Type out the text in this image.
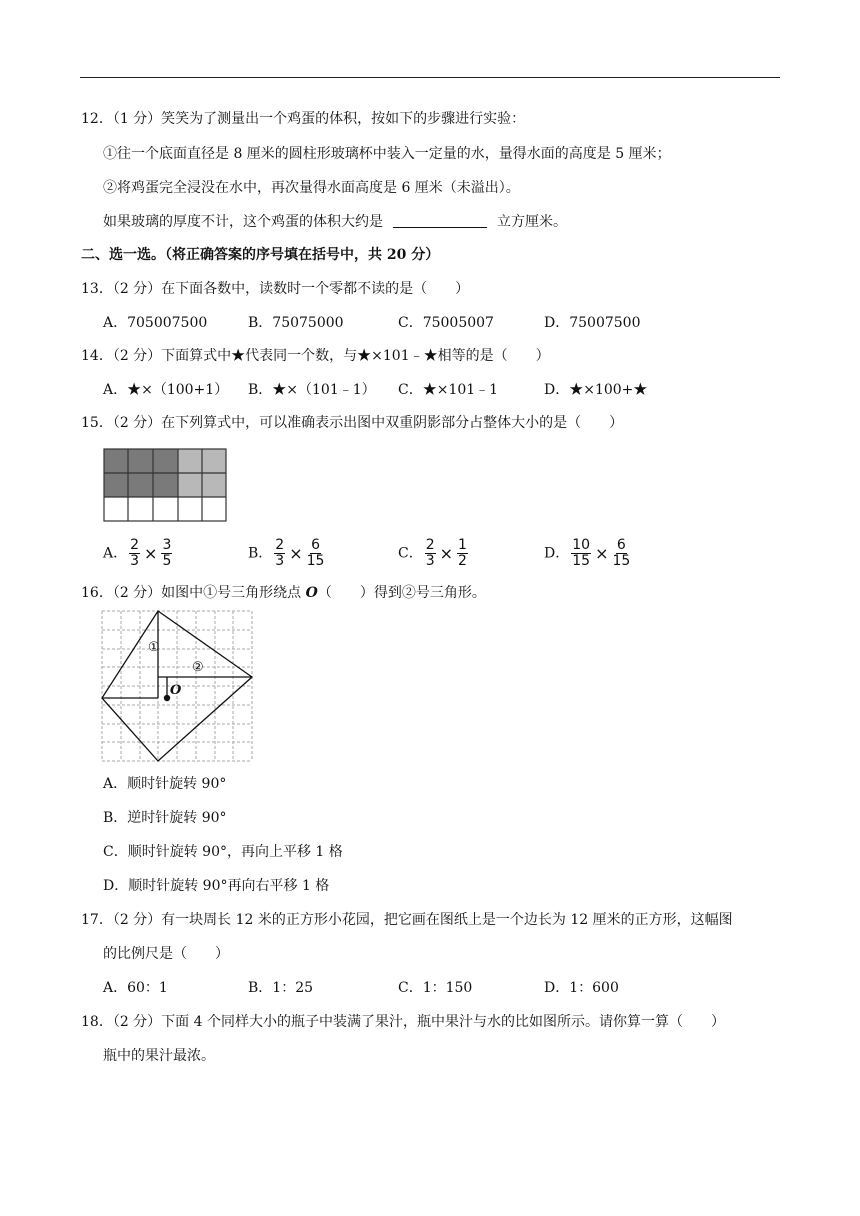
12．（1 分）笑笑为了测量出一个鸡蛋的体积，按如下的步骤进行实验：
①往一个底面直径是 8 厘米的圆柱形玻璃杯中装入一定量的水，量得水面的高度是 5 厘米；
②将鸡蛋完全浸没在水中，再次量得水面高度是 6 厘米（未溢出）。
如果玻璃的厚度不计，这个鸡蛋的体积大约是	立方厘米。
二、选一选。（将正确答案的序号填在括号中，共 20 分）
13．（2 分）在下面各数中，读数时一个零都不读的是（　　）
A．705007500	B．75075000	C．75005007	D．75007500
14．（2 分）下面算式中★代表同一个数，与★×101﹣★相等的是（　　）
A．★×（100+1） B．★×（101﹣1） C．★×101﹣1	D．★×100+★
15．（2 分）在下列算式中，可以准确表示出图中双重阴影部分占整体大小的是（　　）
A． $\frac{2}{3} \times \frac{3}{5}$	B． $\frac{2}{3} \times \frac{6}{15}$	C． $\frac{2}{3} \times \frac{1}{2}$	D． $\frac{10}{15} \times \frac{6}{15}$
16．（2 分）如图中①号三角形绕点 O（　　）得到②号三角形。
①
②
O
A．顺时针旋转 90°
B．逆时针旋转 90°
C．顺时针旋转 90°，再向上平移 1 格
D．顺时针旋转 90°再向右平移 1 格
17．（2 分）有一块周长 12 米的正方形小花园，把它画在图纸上是一个边长为 12 厘米的正方形，这幅图
的比例尺是（　　）
A．60：1	B．1：25	C．1：150	D．1：600
18．（2 分）下面 4 个同样大小的瓶子中装满了果汁，瓶中果汁与水的比如图所示。请你算一算（　　）
瓶中的果汁最浓。
